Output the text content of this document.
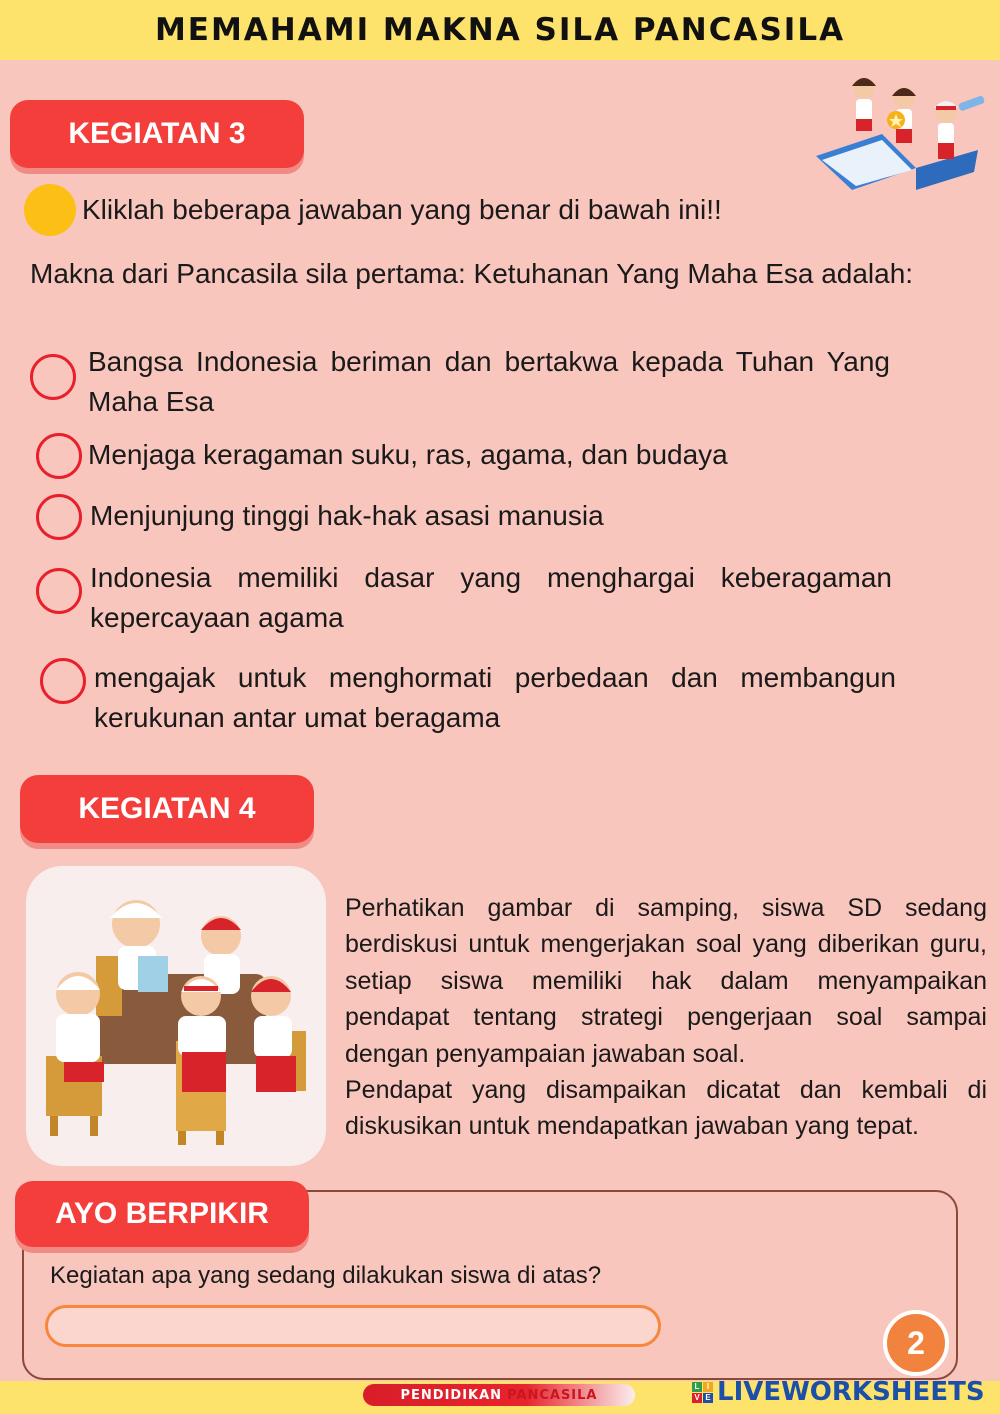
MEMAHAMI MAKNA SILA PANCASILA
KEGIATAN 3
Kliklah beberapa jawaban yang benar di bawah ini!!
Makna dari Pancasila sila pertama: Ketuhanan Yang Maha Esa adalah:
Bangsa Indonesia beriman dan bertakwa kepada Tuhan Yang Maha Esa
Menjaga keragaman suku, ras, agama, dan budaya
Menjunjung tinggi hak-hak asasi manusia
Indonesia memiliki dasar yang menghargai keberagaman kepercayaan agama
mengajak untuk menghormati perbedaan dan membangun kerukunan antar umat beragama
KEGIATAN 4

Perhatikan gambar di samping, siswa SD sedang berdiskusi untuk mengerjakan soal yang diberikan guru, setiap siswa memiliki hak dalam menyampaikan pendapat tentang strategi pengerjaan soal sampai dengan penyampaian jawaban soal.

Pendapat yang disampaikan dicatat dan kembali di diskusikan untuk mendapatkan jawaban yang tepat.

AYO BERPIKIR
Kegiatan apa yang sedang dilakukan siswa di atas?
2
PENDIDIKAN PANCASILA
L I
V E LIVEWORKSHEETS
